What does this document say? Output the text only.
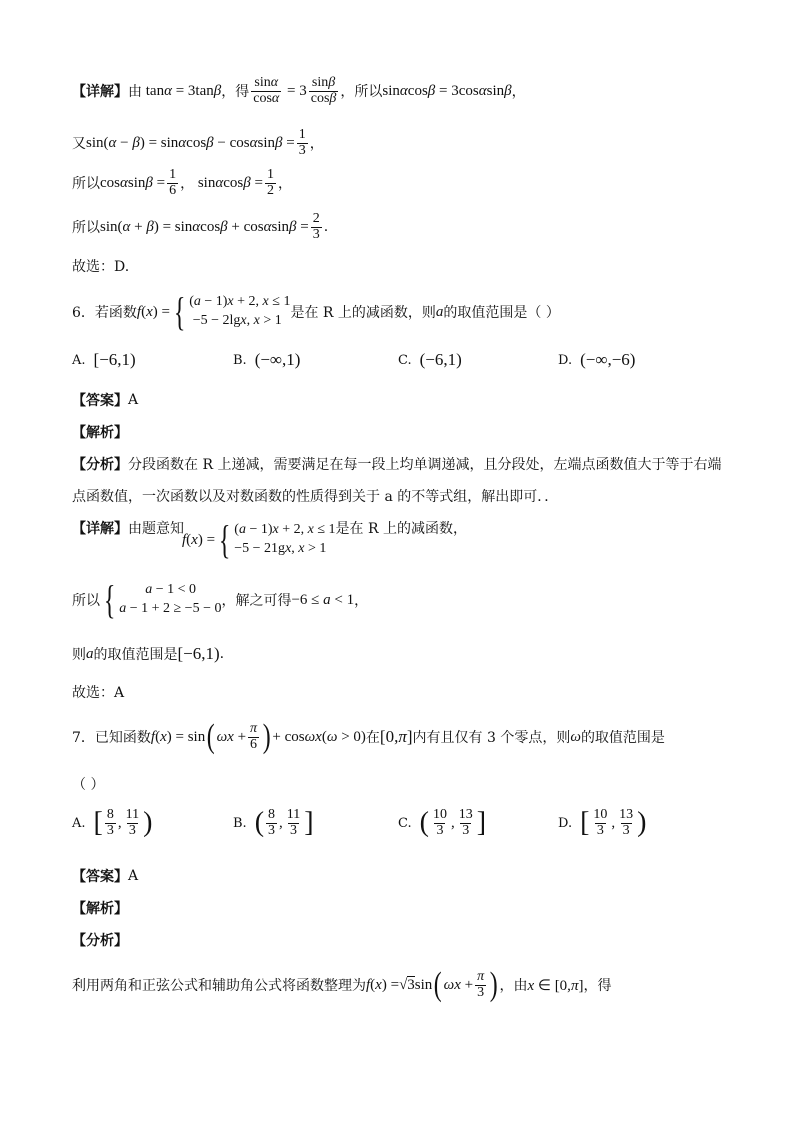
【详解】 由 tanα = 3tanβ ，得 $\frac{\sin\alpha}{\cos\alpha} = 3 \frac{\sin\beta}{\cos\beta}$ ，所以 sinαcosβ = 3cosαsinβ ，
又 $\sin(\alpha - \beta) = \sin\alpha\cos\beta - \cos\alpha\sin\beta = \frac{1}{3}$ ，
所以 $\cos\alpha\sin\beta = \frac{1}{6}$ ， $\sin\alpha\cos\beta = \frac{1}{2}$ ，
所以 $\sin(\alpha + \beta) = \sin\alpha\cos\beta + \cos\alpha\sin\beta = \frac{2}{3}$ .
故选：D.
6．若函数 f(x) = { (a − 1)x + 2, x ≤ 1
−5 − 2lgx, x > 1 是在 R 上的减函数，则 a 的取值范围是（ ）
A. [−6,1)	B. (−∞,1)	C. (−6,1)	D. (−∞,−6)
【答案】 A
【解析】
【分析】 分段函数在 R 上递减，需要满足在每一段上均单调递减，且分段处，左端点函数值大于等于右端
点函数值，一次函数以及对数函数的性质得到关于 a 的不等式组，解出即可．．
【详解】 由题意知
f(x) = { (a − 1)x + 2, x ≤ 1
−5 − 21gx, x > 1
是在 R 上的减函数，
所以 {	a − 1 < 0
a − 1 + 2 ≥ −5 − 0 ，解之可得 −6 ≤ a < 1 ，
则 a 的取值范围是 [−6,1) .
故选：A
7．已知函数 f(x) = sin ( $\omega x + \frac{\pi}{6}$ ) + cosωx(ω > 0) 在 [0,π] 内有且仅有 3 个零点，则 ω 的取值范围是
（ ）
A. [ $\frac{8}{3}$ , $\frac{11}{3}$ )	B. ( $\frac{8}{3}$ , $\frac{11}{3}$ ]	C. ( $\frac{10}{3}$ , $\frac{13}{3}$ ]	D. [ $\frac{10}{3}$ , $\frac{13}{3}$ )
【答案】 A
【解析】
【分析】
利用两角和正弦公式和辅助角公式将函数整理为 f(x) = √3 sin ( $\omega x + \frac{\pi}{3}$ ) ，由 x ∈ [0,π] ，得
